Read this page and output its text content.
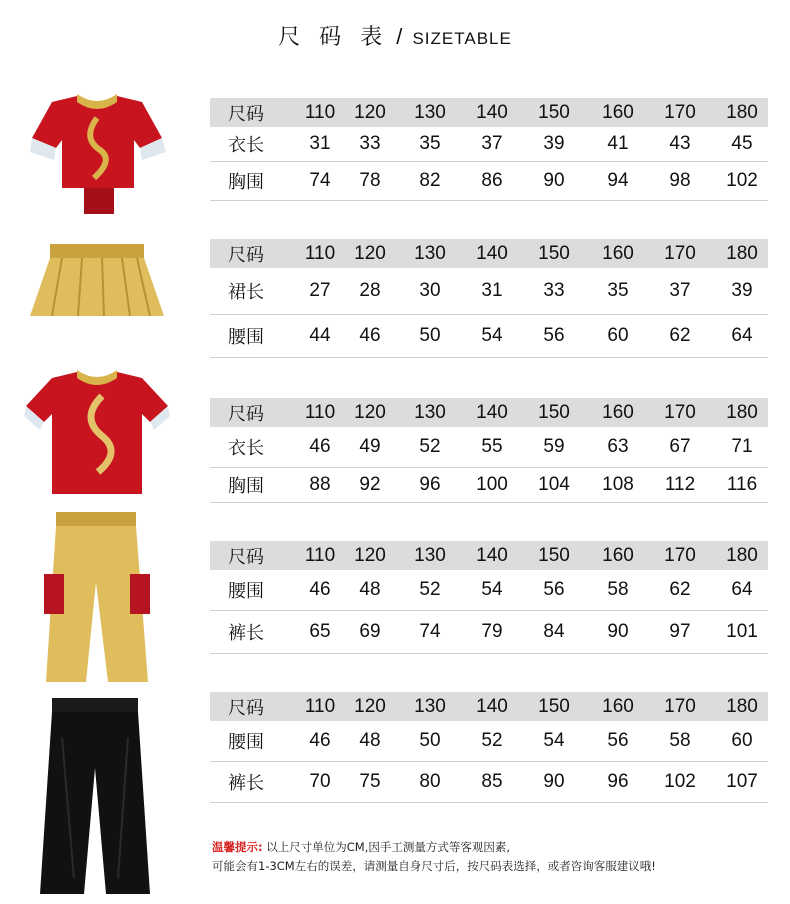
尺 码 表 / SIZETABLE
尺码	110	120	130	140	150	160	170	180
衣长	31	33	35	37	39	41	43	45
胸围	74	78	82	86	90	94	98	102
尺码	110	120	130	140	150	160	170	180
裙长	27	28	30	31	33	35	37	39
腰围	44	46	50	54	56	60	62	64
尺码	110	120	130	140	150	160	170	180
衣长	46	49	52	55	59	63	67	71
胸围	88	92	96	100	104	108	112	116
尺码	110	120	130	140	150	160	170	180
腰围	46	48	52	54	56	58	62	64
裤长	65	69	74	79	84	90	97	101
尺码	110	120	130	140	150	160	170	180
腰围	46	48	50	52	54	56	58	60
裤长	70	75	80	85	90	96	102	107
温馨提示: 以上尺寸单位为CM,因手工测量方式等客观因素,
可能会有1-3CM左右的误差，请测量自身尺寸后，按尺码表选择，或者咨询客服建议哦!
